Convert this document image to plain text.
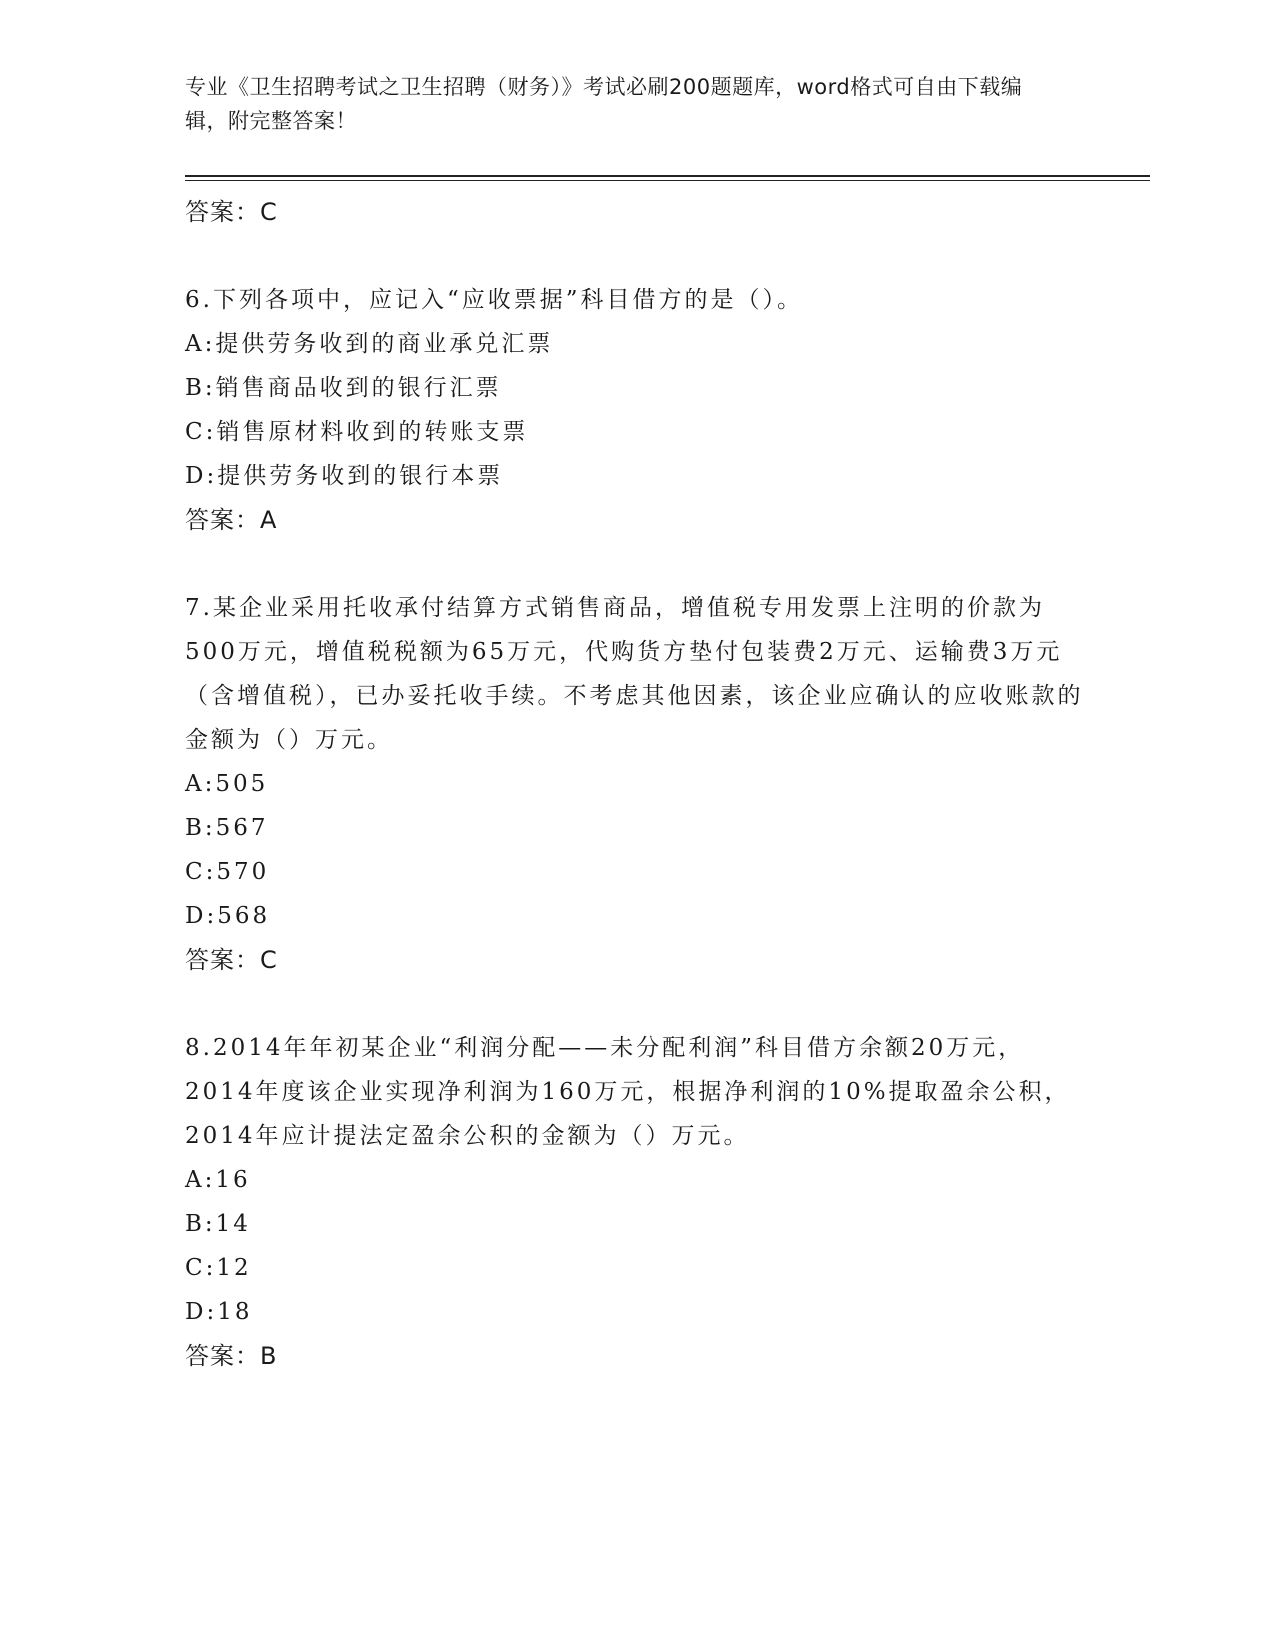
专业《卫生招聘考试之卫生招聘（财务）》考试必刷200题题库，word格式可自由下载编辑，附完整答案！
答案：C
6.下列各项中，应记入“应收票据”科目借方的是（）。
A:提供劳务收到的商业承兑汇票
B:销售商品收到的银行汇票
C:销售原材料收到的转账支票
D:提供劳务收到的银行本票
答案：A
7.某企业采用托收承付结算方式销售商品，增值税专用发票上注明的价款为500万元，增值税税额为65万元，代购货方垫付包装费2万元、运输费3万元（含增值税），已办妥托收手续。不考虑其他因素，该企业应确认的应收账款的金额为（）万元。
A:505
B:567
C:570
D:568
答案：C
8.2014年年初某企业“利润分配——未分配利润”科目借方余额20万元，2014年度该企业实现净利润为160万元，根据净利润的10%提取盈余公积，2014年应计提法定盈余公积的金额为（）万元。
A:16
B:14
C:12
D:18
答案：B
